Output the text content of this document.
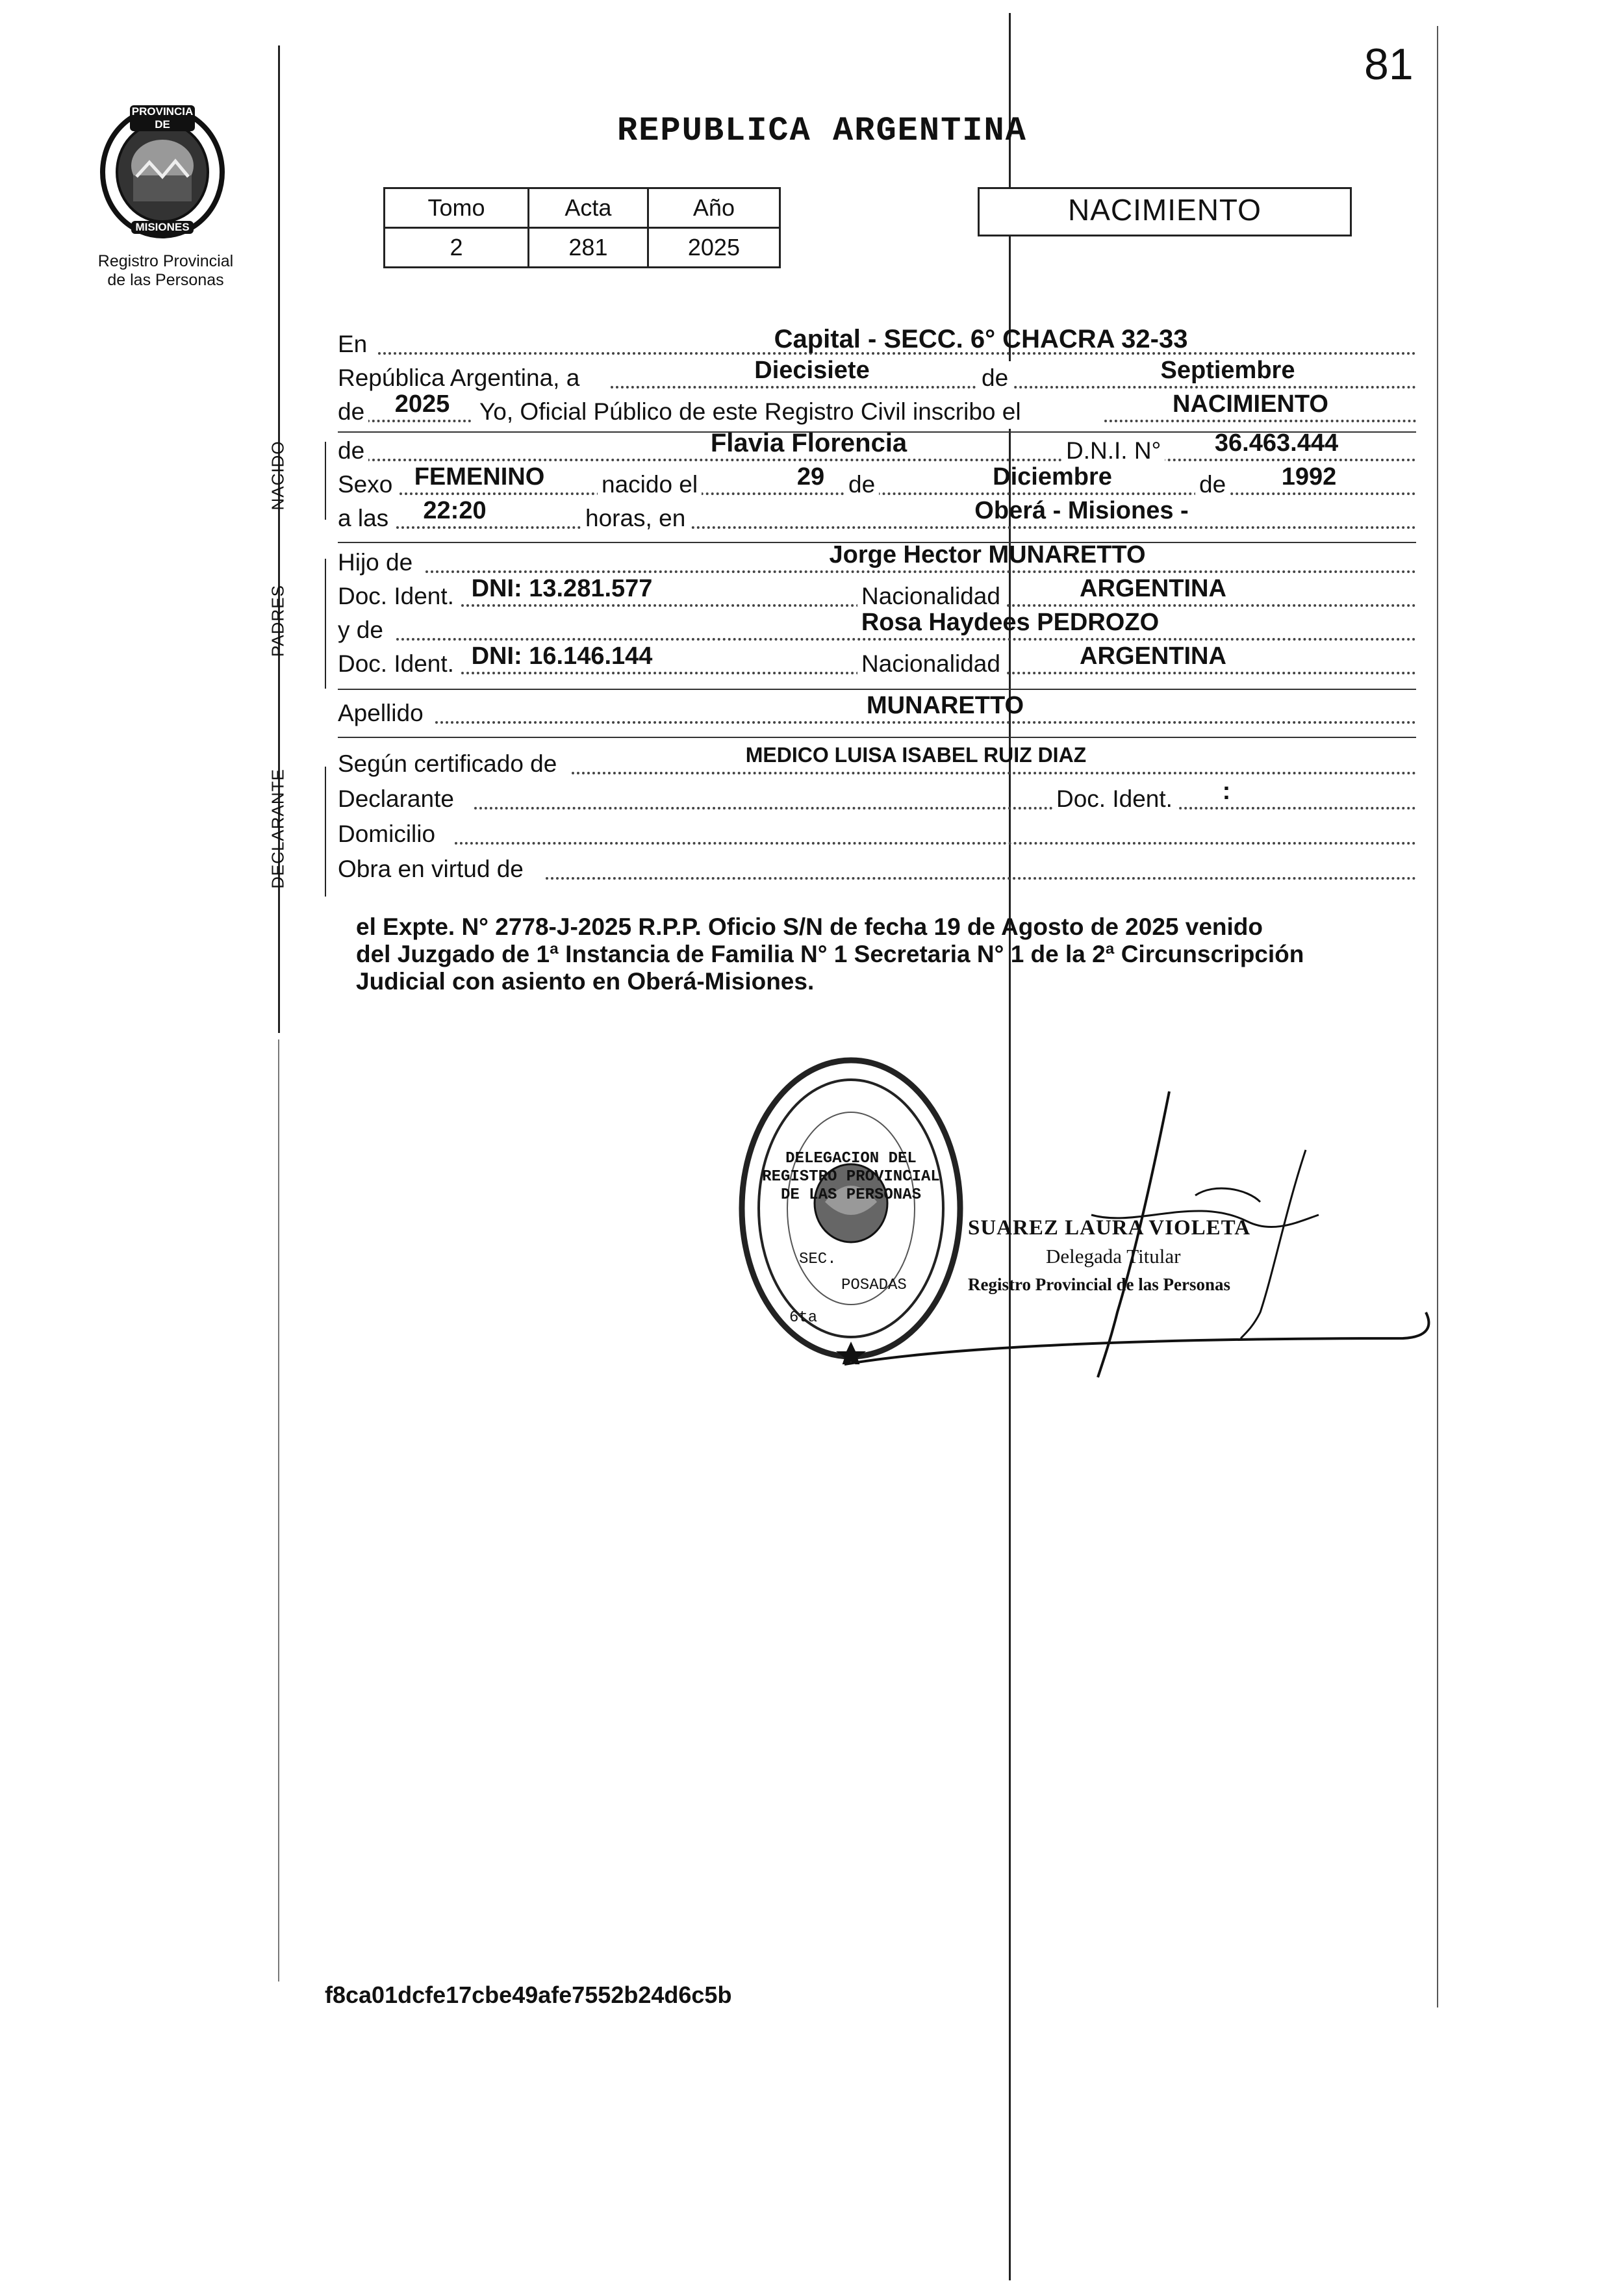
81
PROVINCIA DE
MISIONES
Registro Provincial
de las Personas
REPUBLICA ARGENTINA
Tomo	Acta	Año
2	281	2025
NACIMIENTO
En	Capital - SECC. 6° CHACRA 32-33
República Argentina, a	Diecisiete	de	Septiembre
de 2025 Yo, Oficial Público de este Registro Civil inscribo el	NACIMIENTO
NACIDO de	Flavia Florencia	D.N.I. N° 36.463.444
Sexo FEMENINO nacido el	29 de	Diciembre	de 1992
a las 22:20	horas, en	Oberá - Misiones -
PADRES
Hijo de	Jorge Hector MUNARETTO
Doc. Ident. DNI: 13.281.577	Nacionalidad	ARGENTINA
y de	Rosa Haydees PEDROZO
Doc. Ident. DNI: 16.146.144	Nacionalidad	ARGENTINA
Apellido	MUNARETTO
DECLARANTE
Según certificado de	MEDICO LUISA ISABEL RUIZ DIAZ
Declarante	Doc. Ident. :
Domicilio
Obra en virtud de
el Expte. N° 2778-J-2025 R.P.P. Oficio S/N de fecha 19 de Agosto de 2025 venido
del Juzgado de 1ª Instancia de Familia N° 1 Secretaria N° 1 de la 2ª Circunscripción
Judicial con asiento en Oberá-Misiones.
DELEGACION DEL REGISTRO PROVINCIAL DE LAS PERSONAS
SEC.
POSADAS
6ta
SUAREZ LAURA VIOLETA
Delegada Titular
Registro Provincial de las Personas
f8ca01dcfe17cbe49afe7552b24d6c5b
